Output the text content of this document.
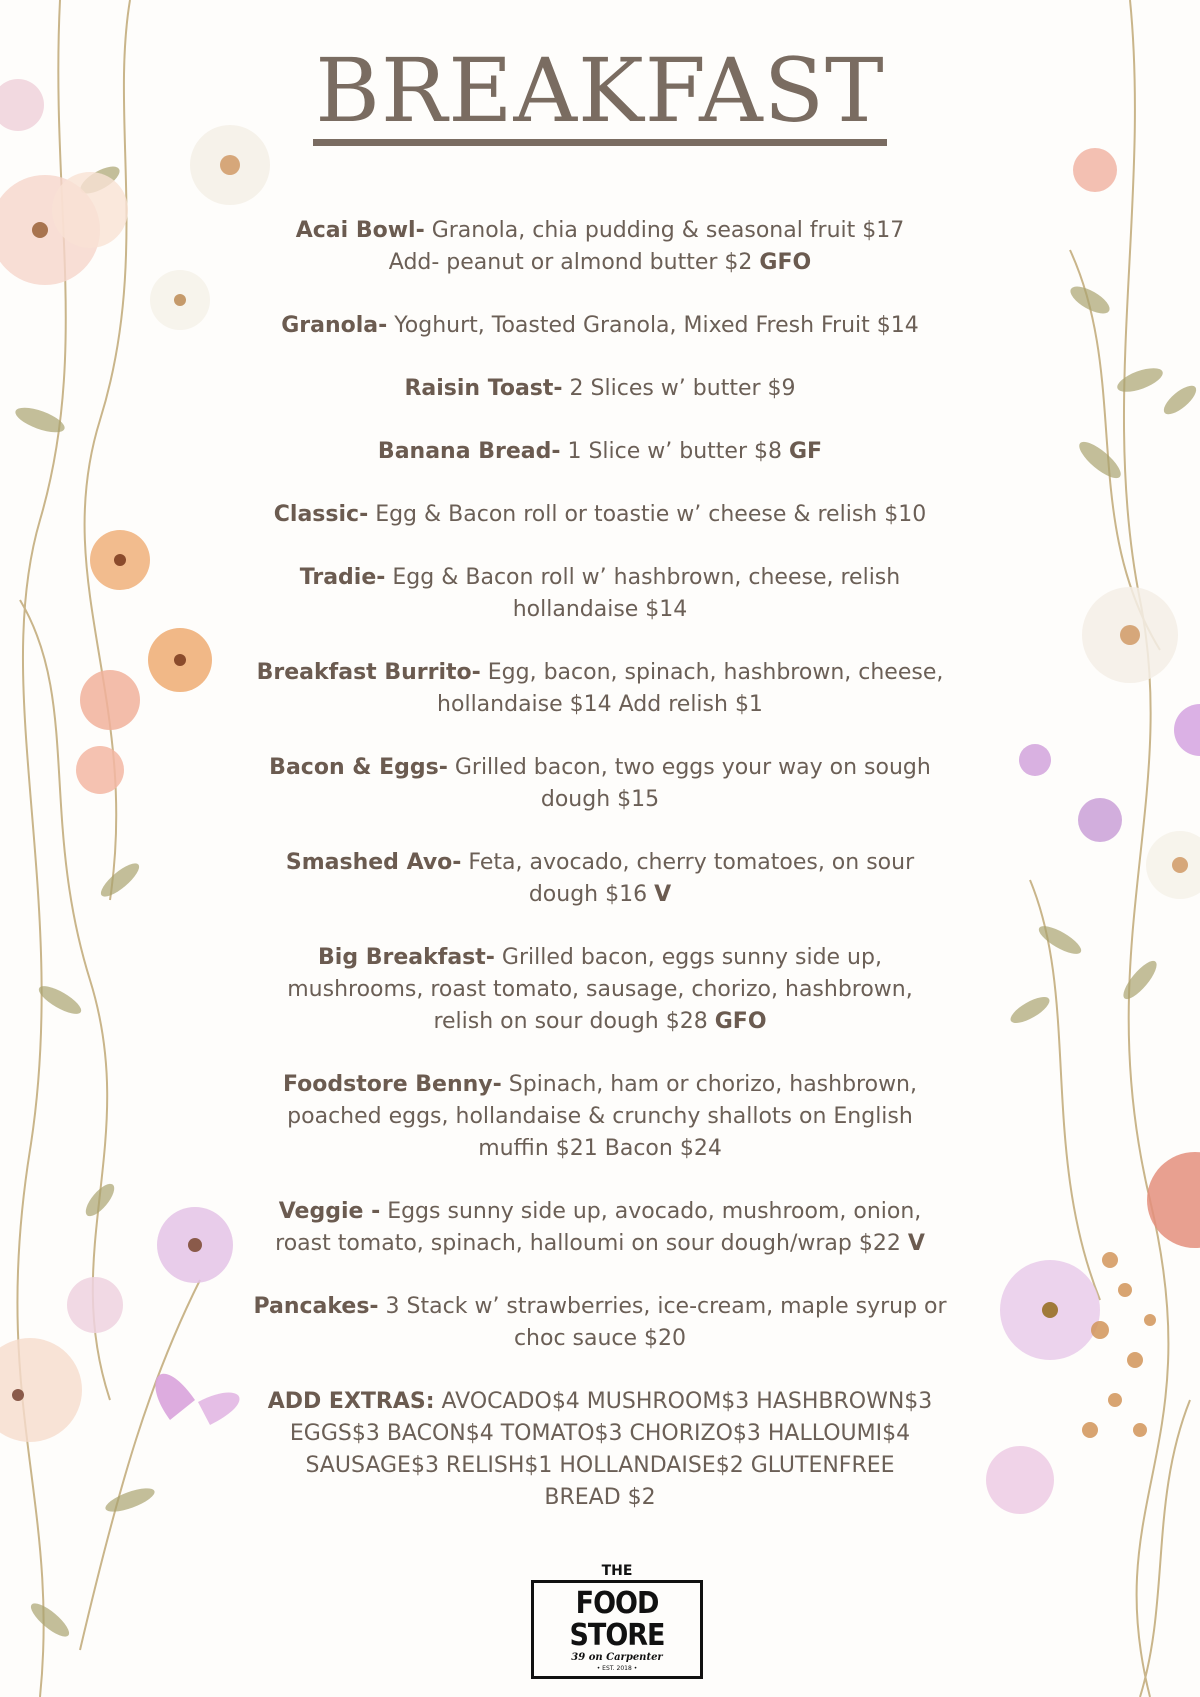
BREAKFAST
Acai Bowl- Granola, chia pudding & seasonal fruit $17
Add- peanut or almond butter $2 GFO
Granola- Yoghurt, Toasted Granola, Mixed Fresh Fruit $14
Raisin Toast- 2 Slices w’ butter $9
Banana Bread- 1 Slice w’ butter $8 GF
Classic- Egg & Bacon roll or toastie w’ cheese & relish $10
Tradie- Egg & Bacon roll w’ hashbrown, cheese, relish
hollandaise $14
Breakfast Burrito- Egg, bacon, spinach, hashbrown, cheese,
hollandaise $14 Add relish $1
Bacon & Eggs- Grilled bacon, two eggs your way on sough
dough $15
Smashed Avo- Feta, avocado, cherry tomatoes, on sour
dough $16 V
Big Breakfast- Grilled bacon, eggs sunny side up,
mushrooms, roast tomato, sausage, chorizo, hashbrown,
relish on sour dough $28 GFO
Foodstore Benny- Spinach, ham or chorizo, hashbrown,
poached eggs, hollandaise & crunchy shallots on English
muffin $21 Bacon $24
Veggie - Eggs sunny side up, avocado, mushroom, onion,
roast tomato, spinach, halloumi on sour dough/wrap $22 V
Pancakes- 3 Stack w’ strawberries, ice-cream, maple syrup or
choc sauce $20
ADD EXTRAS: AVOCADO$4 MUSHROOM$3 HASHBROWN$3
EGGS$3 BACON$4 TOMATO$3 CHORIZO$3 HALLOUMI$4
SAUSAGE$3 RELISH$1 HOLLANDAISE$2 GLUTENFREE
BREAD $2
THE
FOOD STORE
39 on Carpenter
• EST. 2018 •
